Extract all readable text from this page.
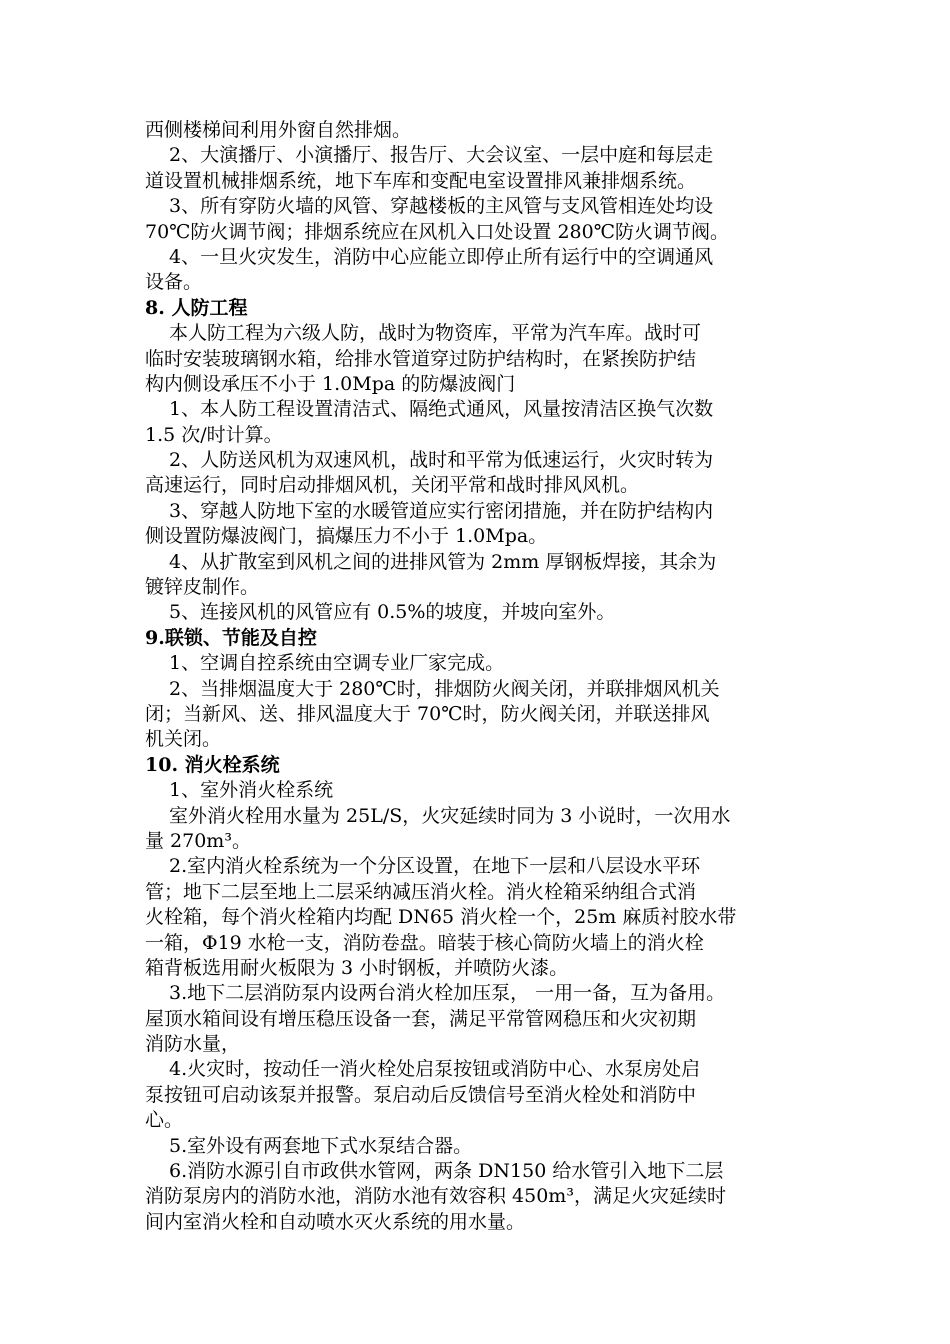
西侧楼梯间利用外窗自然排烟。
2、大演播厅、小演播厅、报告厅、大会议室、一层中庭和每层走
道设置机械排烟系统，地下车库和变配电室设置排风兼排烟系统。
3、所有穿防火墙的风管、穿越楼板的主风管与支风管相连处均设
70℃防火调节阀；排烟系统应在风机入口处设置 280℃防火调节阀。
4、一旦火灾发生，消防中心应能立即停止所有运行中的空调通风
设备。
8. 人防工程
本人防工程为六级人防，战时为物资库，平常为汽车库。战时可
临时安装玻璃钢水箱，给排水管道穿过防护结构时，在紧挨防护结
构内侧设承压不小于 1.0Mpa 的防爆波阀门
1、本人防工程设置清洁式、隔绝式通风，风量按清洁区换气次数
1.5 次/时计算。
2、人防送风机为双速风机，战时和平常为低速运行，火灾时转为
高速运行，同时启动排烟风机，关闭平常和战时排风风机。
3、穿越人防地下室的水暖管道应实行密闭措施，并在防护结构内
侧设置防爆波阀门，搞爆压力不小于 1.0Mpa。
4、从扩散室到风机之间的进排风管为 2mm 厚钢板焊接，其余为
镀锌皮制作。
5、连接风机的风管应有 0.5%的坡度，并坡向室外。
9.联锁、节能及自控
1、空调自控系统由空调专业厂家完成。
2、当排烟温度大于 280℃时，排烟防火阀关闭，并联排烟风机关
闭；当新风、送、排风温度大于 70℃时，防火阀关闭，并联送排风
机关闭。
10. 消火栓系统
1、室外消火栓系统
室外消火栓用水量为 25L/S，火灾延续时同为 3 小说时，一次用水
量 270m³。
2.室内消火栓系统为一个分区设置，在地下一层和八层设水平环
管；地下二层至地上二层采纳减压消火栓。消火栓箱采纳组合式消
火栓箱，每个消火栓箱内均配 DN65 消火栓一个，25m 麻质衬胶水带
一箱，Φ19 水枪一支，消防卷盘。暗装于核心筒防火墙上的消火栓
箱背板选用耐火板限为 3 小时钢板，并喷防火漆。
3.地下二层消防泵内设两台消火栓加压泵， 一用一备，互为备用。
屋顶水箱间设有增压稳压设备一套，满足平常管网稳压和火灾初期
消防水量，
4.火灾时，按动任一消火栓处启泵按钮或消防中心、水泵房处启
泵按钮可启动该泵并报警。泵启动后反馈信号至消火栓处和消防中
心。
5.室外设有两套地下式水泵结合器。
6.消防水源引自市政供水管网，两条 DN150 给水管引入地下二层
消防泵房内的消防水池，消防水池有效容积 450m³，满足火灾延续时
间内室消火栓和自动喷水灭火系统的用水量。
